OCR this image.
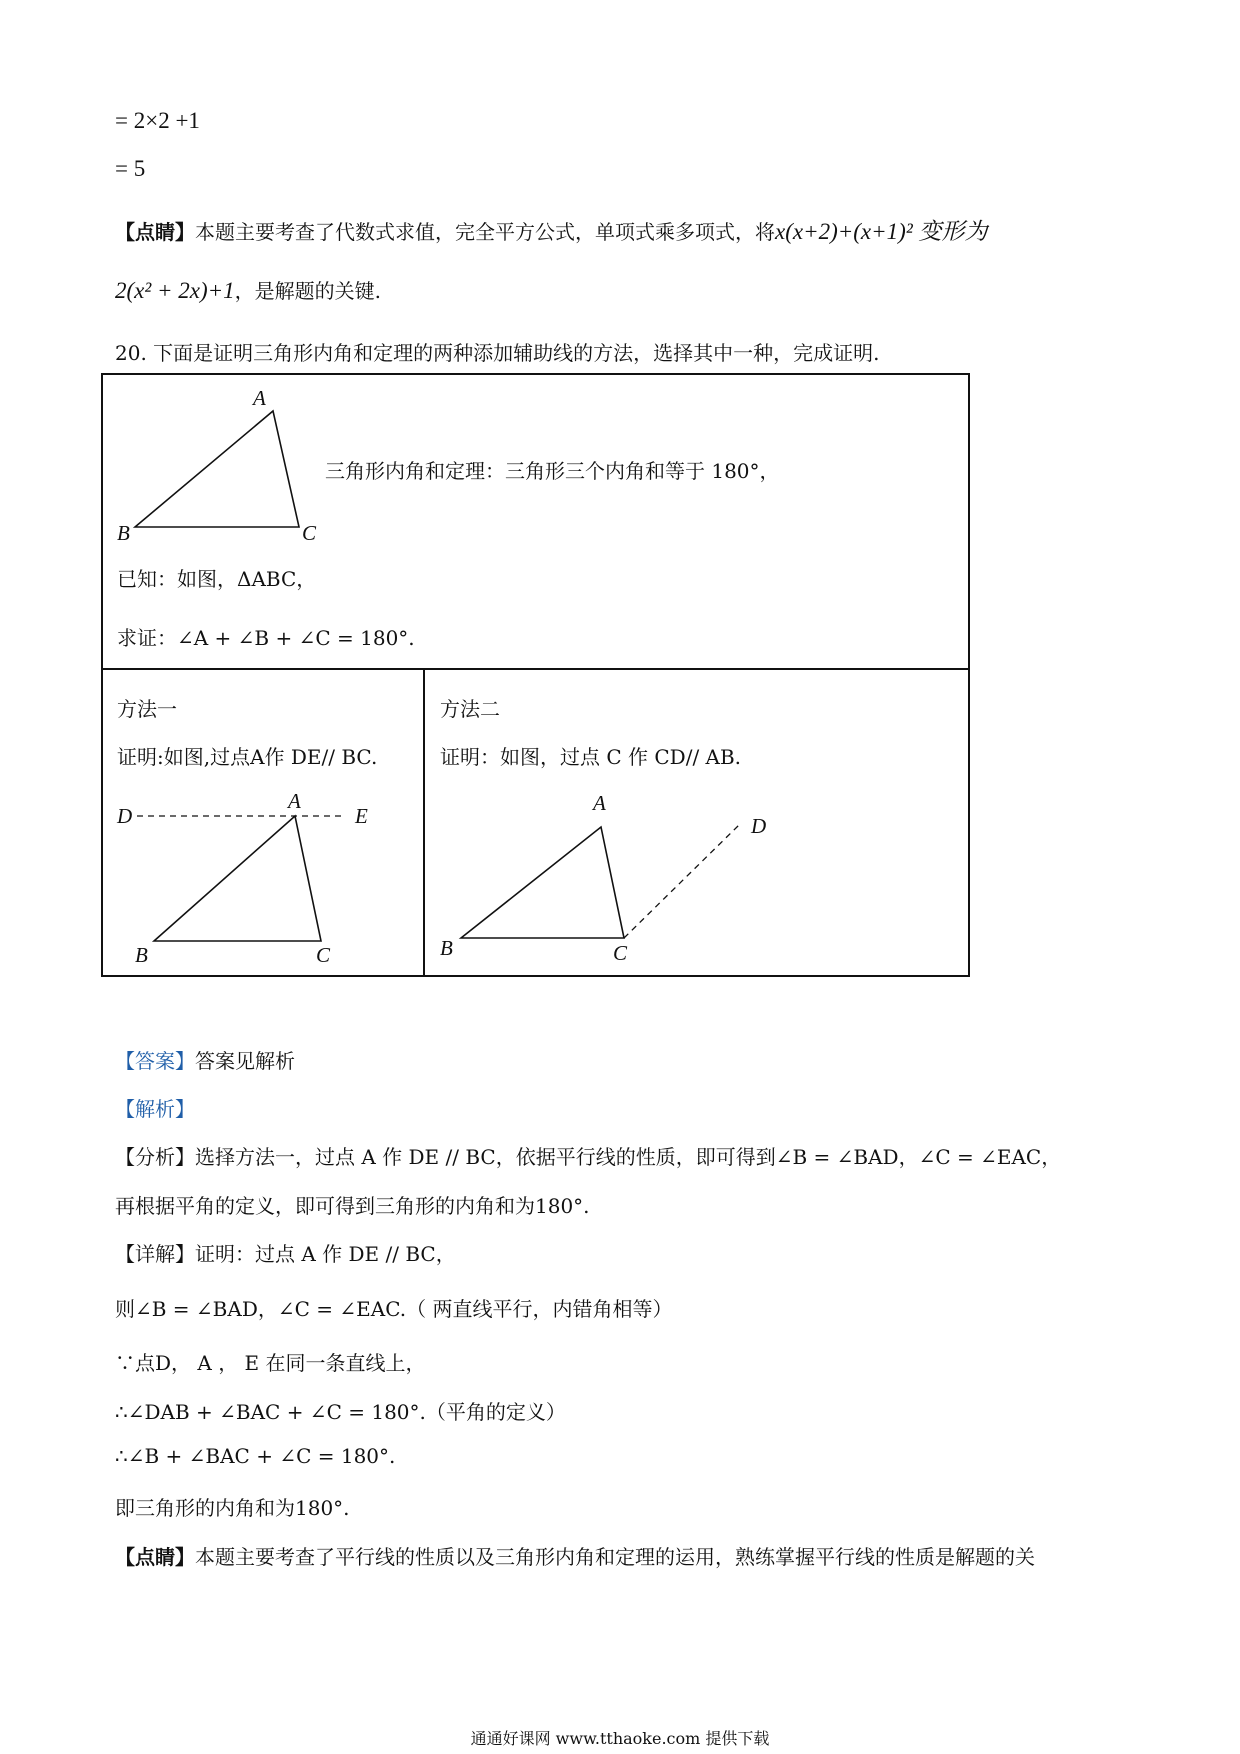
= 2×2 +1
= 5
【点睛】本题主要考查了代数式求值，完全平方公式，单项式乘多项式，将x(x+2)+(x+1)² 变形为
2(x² + 2x)+1，是解题的关键.
20. 下面是证明三角形内角和定理的两种添加辅助线的方法，选择其中一种，完成证明.
A
B	C
三角形内角和定理：三角形三个内角和等于 180°，
已知：如图，ΔABC，
求证：∠A + ∠B + ∠C = 180°.
方法一
证明:如图,过点A作 DE// BC.
A
D	E
B	C
方法二
证明：如图，过点 C 作 CD// AB.
A
B	C
D
【答案】答案见解析
【解析】
【分析】选择方法一，过点 A 作 DE // BC，依据平行线的性质，即可得到∠B = ∠BAD，∠C = ∠EAC，
再根据平角的定义，即可得到三角形的内角和为180°.
【详解】证明：过点 A 作 DE // BC，
则∠B = ∠BAD，∠C = ∠EAC.（ 两直线平行，内错角相等）
∵点D， A ， E 在同一条直线上，
∴∠DAB + ∠BAC + ∠C = 180°.（平角的定义）
∴∠B + ∠BAC + ∠C = 180°.
即三角形的内角和为180°.
【点睛】本题主要考查了平行线的性质以及三角形内角和定理的运用，熟练掌握平行线的性质是解题的关
通通好课网 www.tthaoke.com 提供下载
